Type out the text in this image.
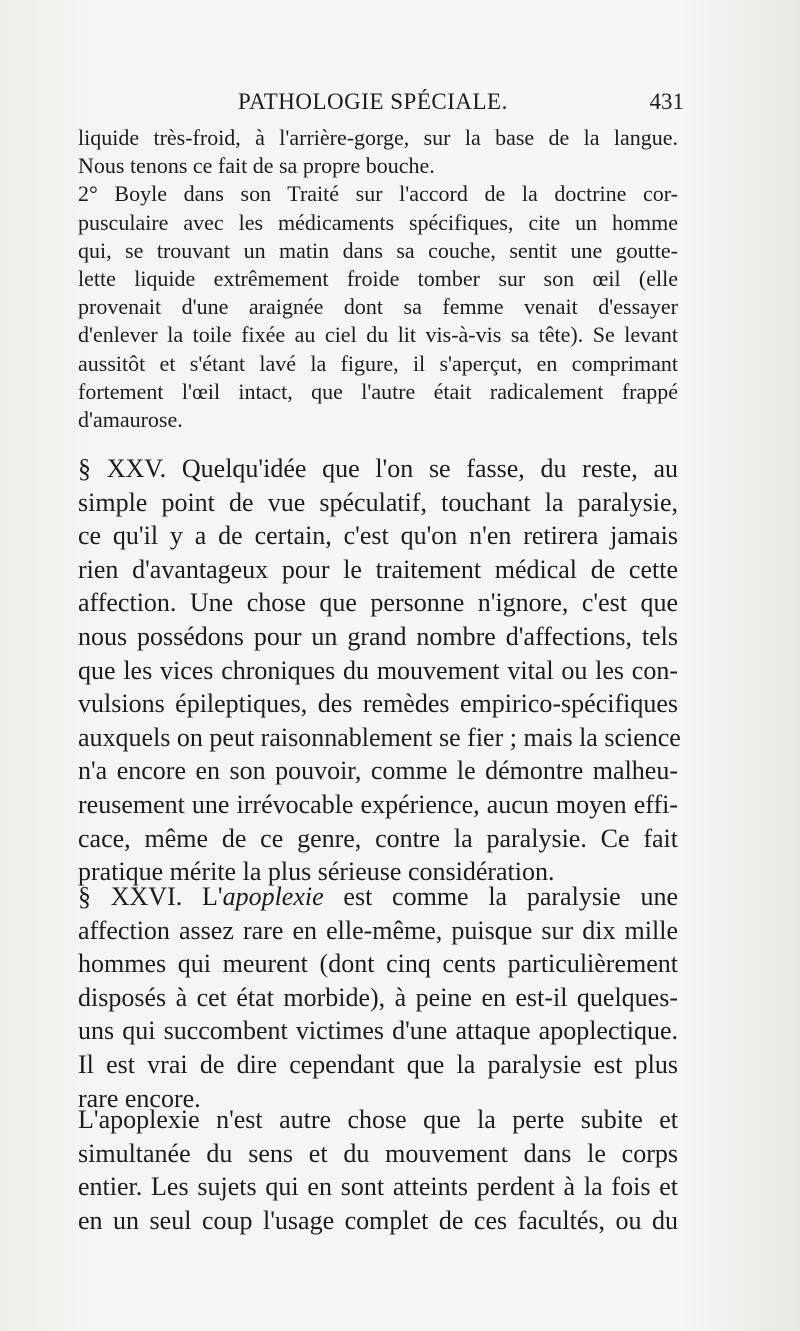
PATHOLOGIE SPÉCIALE.	431
liquide très-froid, à l'arrière-gorge, sur la base de la langue.
Nous tenons ce fait de sa propre bouche.
2° Boyle dans son Traité sur l'accord de la doctrine cor-
pusculaire avec les médicaments spécifiques, cite un homme
qui, se trouvant un matin dans sa couche, sentit une goutte-
lette liquide extrêmement froide tomber sur son œil (elle
provenait d'une araignée dont sa femme venait d'essayer
d'enlever la toile fixée au ciel du lit vis-à-vis sa tête). Se levant
aussitôt et s'étant lavé la figure, il s'aperçut, en comprimant
fortement l'œil intact, que l'autre était radicalement frappé
d'amaurose.
§ XXV. Quelqu'idée que l'on se fasse, du reste, au
simple point de vue spéculatif, touchant la paralysie,
ce qu'il y a de certain, c'est qu'on n'en retirera jamais
rien d'avantageux pour le traitement médical de cette
affection. Une chose que personne n'ignore, c'est que
nous possédons pour un grand nombre d'affections, tels
que les vices chroniques du mouvement vital ou les con-
vulsions épileptiques, des remèdes empirico-spécifiques
auxquels on peut raisonnablement se fier ; mais la science
n'a encore en son pouvoir, comme le démontre malheu-
reusement une irrévocable expérience, aucun moyen effi-
cace, même de ce genre, contre la paralysie. Ce fait
pratique mérite la plus sérieuse considération.
§ XXVI. L'apoplexie est comme la paralysie une
affection assez rare en elle-même, puisque sur dix mille
hommes qui meurent (dont cinq cents particulièrement
disposés à cet état morbide), à peine en est-il quelques-
uns qui succombent victimes d'une attaque apoplectique.
Il est vrai de dire cependant que la paralysie est plus
rare encore.
L'apoplexie n'est autre chose que la perte subite et
simultanée du sens et du mouvement dans le corps
entier. Les sujets qui en sont atteints perdent à la fois et
en un seul coup l'usage complet de ces facultés, ou du
